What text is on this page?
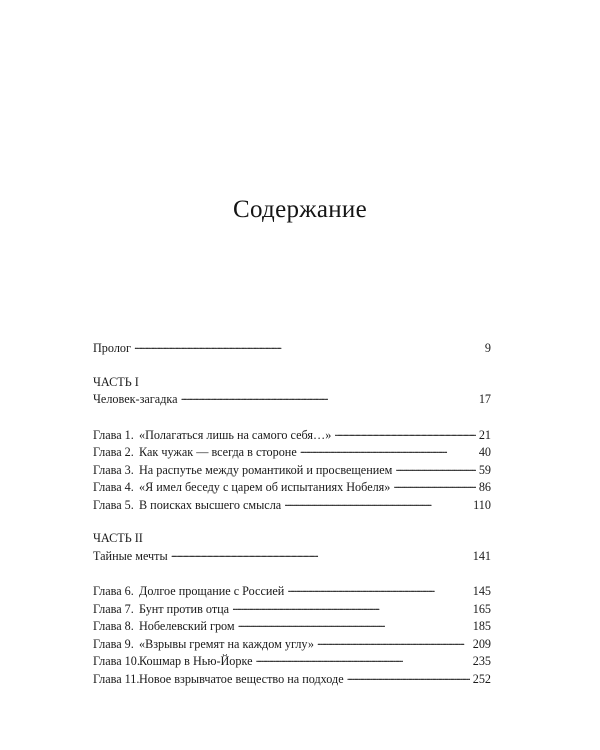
Содержание
Пролог . . .	9
ЧАСТЬ I
Человек-загадка . . .	17
Глава 1. «Полагаться лишь на самого себя…» . . .	21
Глава 2. Как чужак — всегда в стороне . . .	40
Глава 3. На распутье между романтикой и просвещением . . .	59
Глава 4. «Я имел беседу с царем об испытаниях Нобеля» . . .	86
Глава 5. В поисках высшего смысла . . .	110
ЧАСТЬ II
Тайные мечты . . .	141
Глава 6. Долгое прощание с Россией . . .	145
Глава 7. Бунт против отца . . .	165
Глава 8. Нобелевский гром . . .	185
Глава 9. «Взрывы гремят на каждом углу» . . .	209
Глава 10. Кошмар в Нью-Йорке . . .	235
Глава 11. Новое взрывчатое вещество на подходе . . .	252
